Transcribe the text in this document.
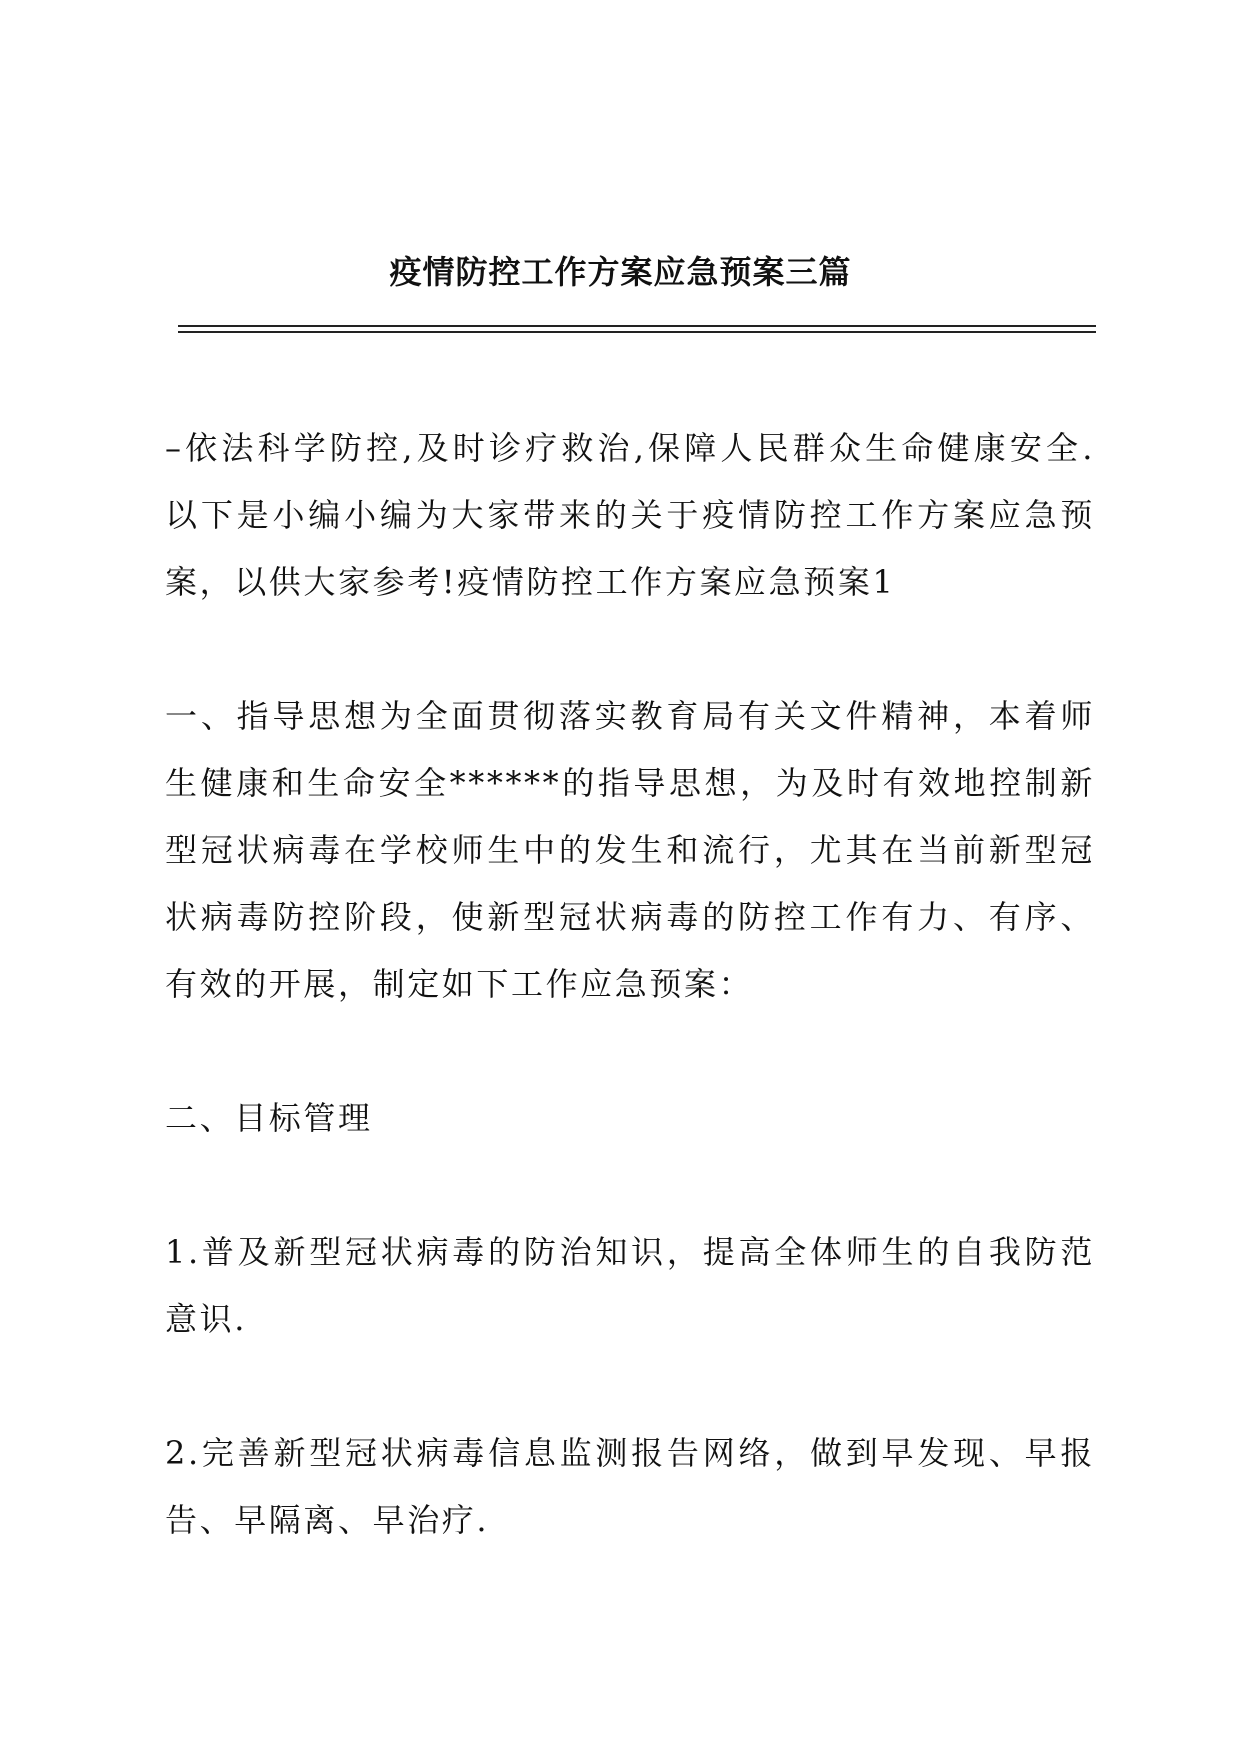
疫情防控工作方案应急预案三篇

–依法科学防控,及时诊疗救治,保障人民群众生命健康安全. 以下是小编小编为大家带来的关于疫情防控工作方案应急预案，以供大家参考!疫情防控工作方案应急预案1

一、指导思想为全面贯彻落实教育局有关文件精神，本着师生健康和生命安全******的指导思想，为及时有效地控制新型冠状病毒在学校师生中的发生和流行，尤其在当前新型冠状病毒防控阶段，使新型冠状病毒的防控工作有力、有序、有效的开展，制定如下工作应急预案：

二、目标管理

1.普及新型冠状病毒的防治知识，提高全体师生的自我防范意识.

2.完善新型冠状病毒信息监测报告网络，做到早发现、早报告、早隔离、早治疗.
